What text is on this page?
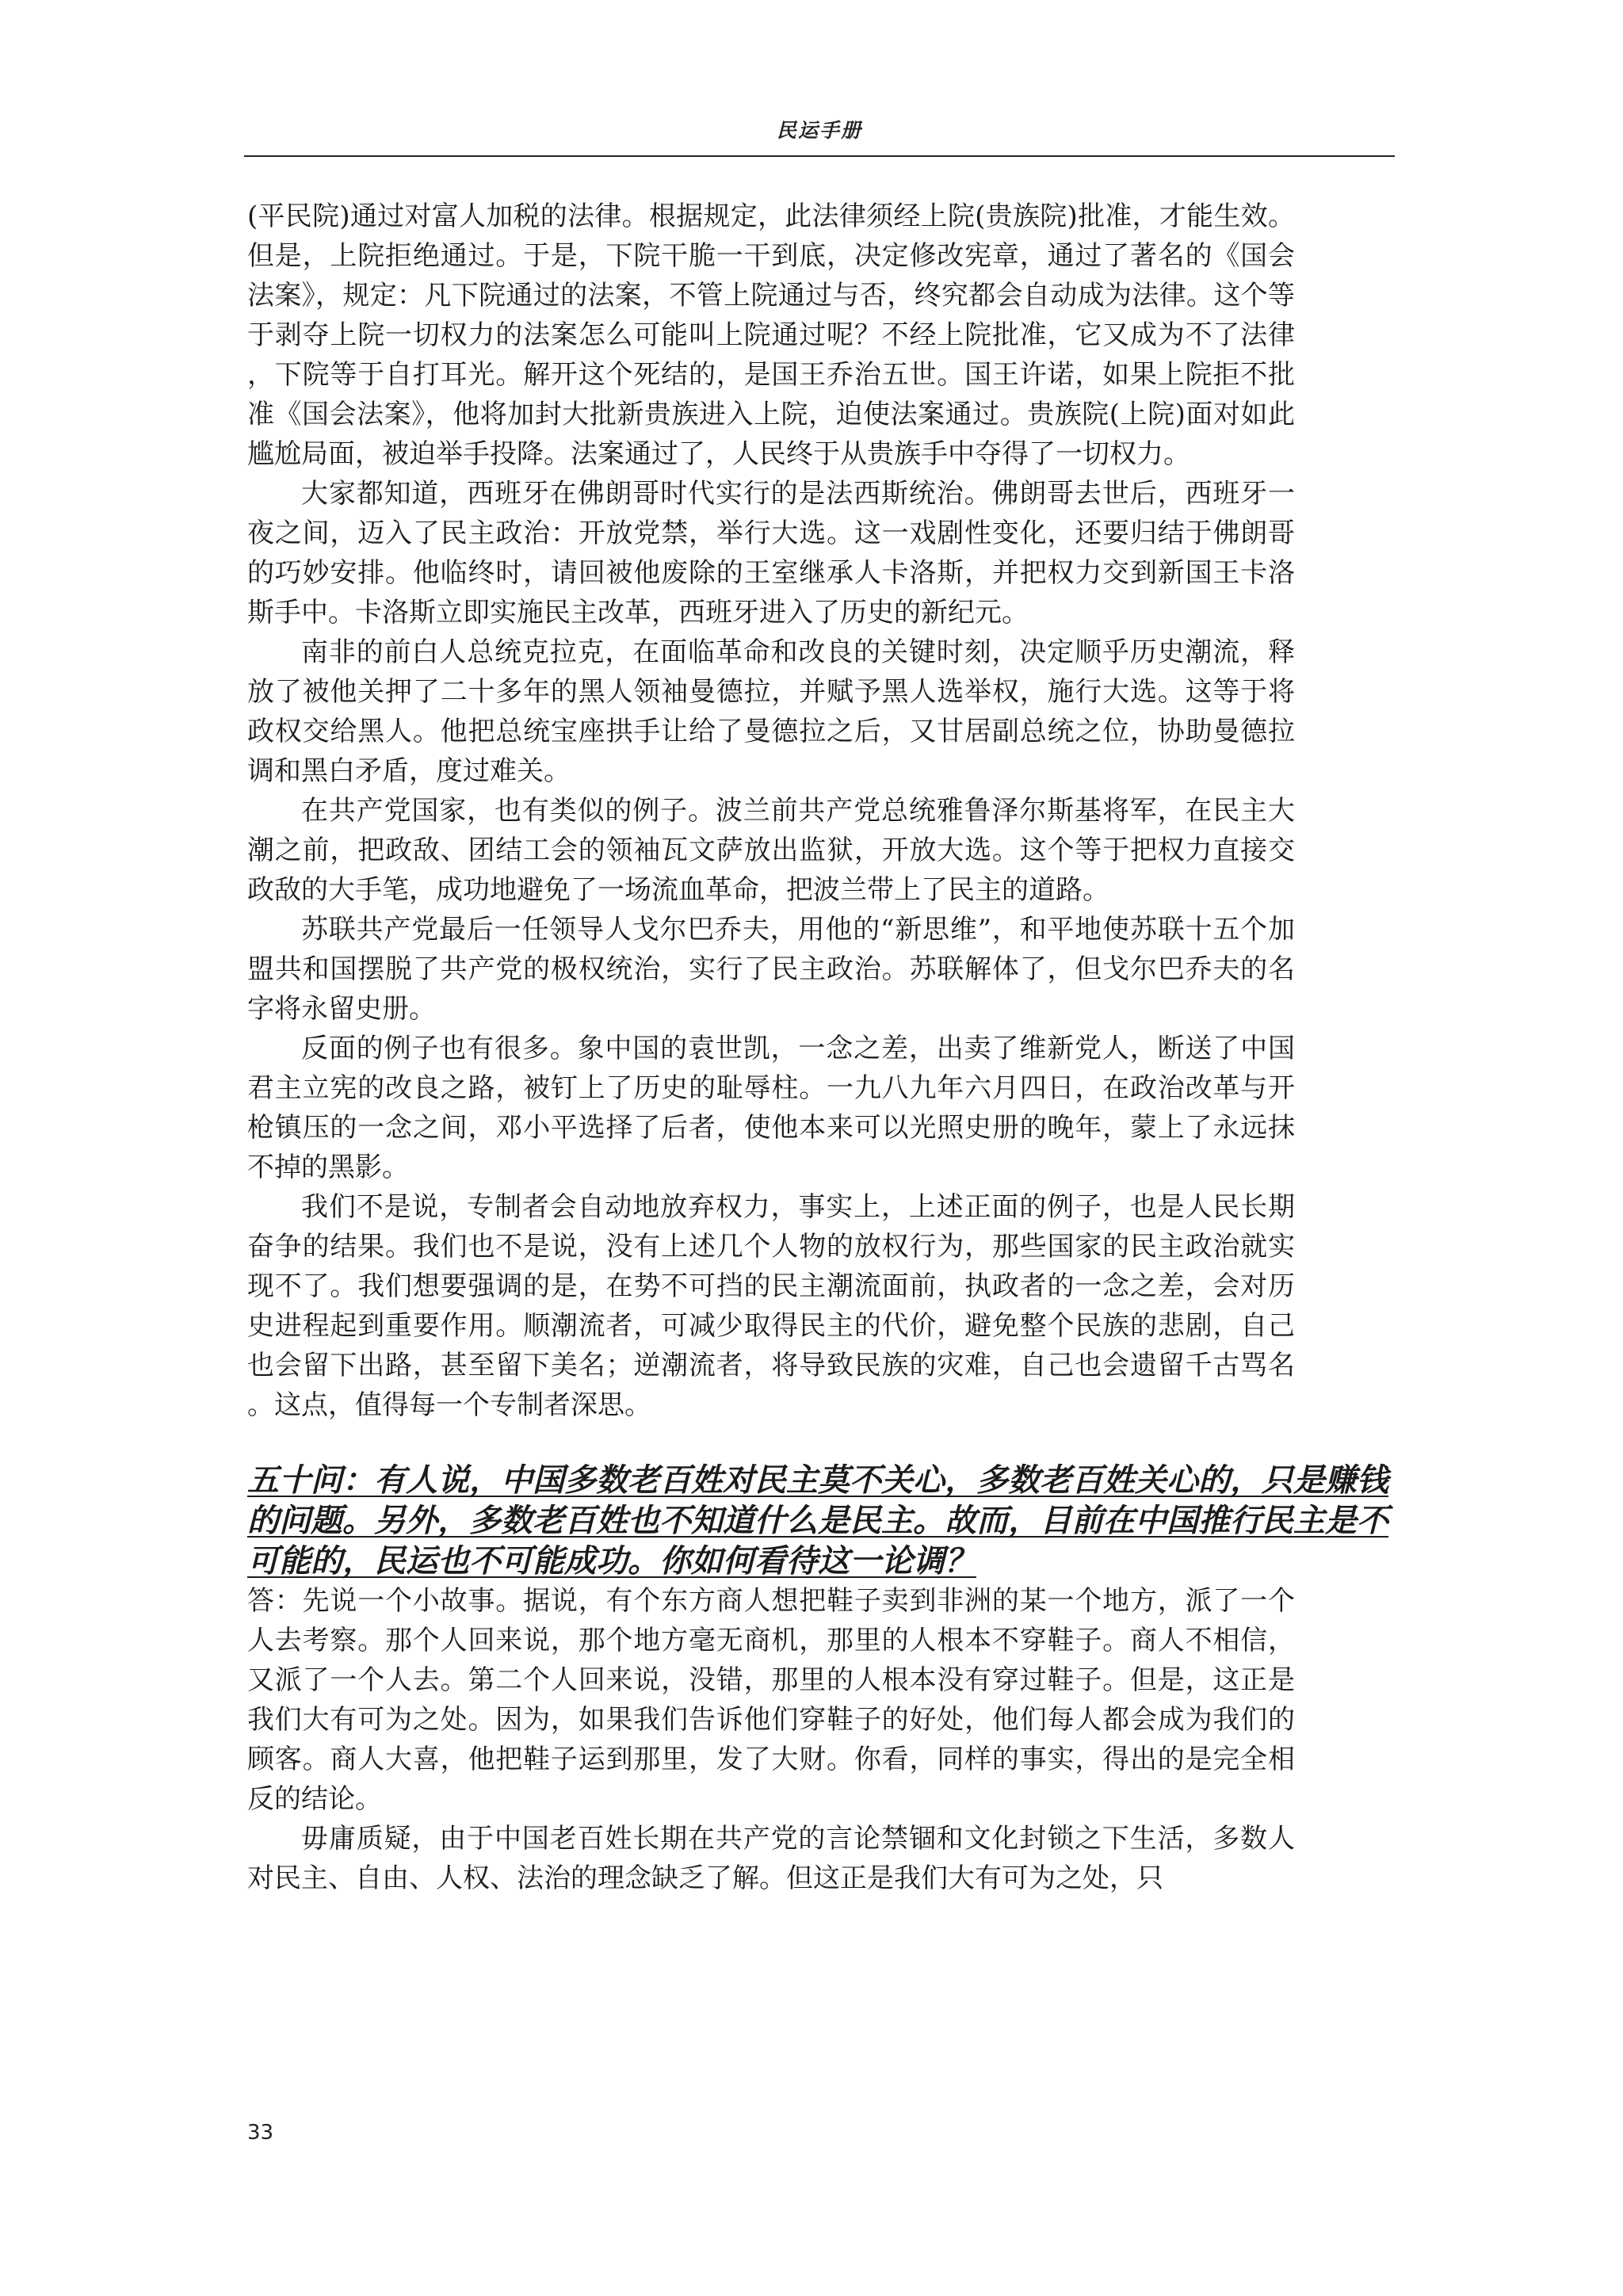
民运手册

(平民院)通过对富人加税的法律。根据规定，此法律须经上院(贵族院)批准，才能生效。但是，上院拒绝通过。于是，下院干脆一干到底，决定修改宪章，通过了著名的《国会法案》，规定：凡下院通过的法案，不管上院通过与否，终究都会自动成为法律。这个等于剥夺上院一切权力的法案怎么可能叫上院通过呢？不经上院批准，它又成为不了法律，下院等于自打耳光。解开这个死结的，是国王乔治五世。国王许诺，如果上院拒不批准《国会法案》，他将加封大批新贵族进入上院，迫使法案通过。贵族院(上院)面对如此尴尬局面，被迫举手投降。法案通过了，人民终于从贵族手中夺得了一切权力。

大家都知道，西班牙在佛朗哥时代实行的是法西斯统治。佛朗哥去世后，西班牙一夜之间，迈入了民主政治：开放党禁，举行大选。这一戏剧性变化，还要归结于佛朗哥的巧妙安排。他临终时，请回被他废除的王室继承人卡洛斯，并把权力交到新国王卡洛斯手中。卡洛斯立即实施民主改革，西班牙进入了历史的新纪元。

南非的前白人总统克拉克，在面临革命和改良的关键时刻，决定顺乎历史潮流，释放了被他关押了二十多年的黑人领袖曼德拉，并赋予黑人选举权，施行大选。这等于将政权交给黑人。他把总统宝座拱手让给了曼德拉之后，又甘居副总统之位，协助曼德拉调和黑白矛盾，度过难关。

在共产党国家，也有类似的例子。波兰前共产党总统雅鲁泽尔斯基将军，在民主大潮之前，把政敌、团结工会的领袖瓦文萨放出监狱，开放大选。这个等于把权力直接交政敌的大手笔，成功地避免了一场流血革命，把波兰带上了民主的道路。

苏联共产党最后一任领导人戈尔巴乔夫，用他的“新思维”，和平地使苏联十五个加盟共和国摆脱了共产党的极权统治，实行了民主政治。苏联解体了，但戈尔巴乔夫的名字将永留史册。

反面的例子也有很多。象中国的袁世凯，一念之差，出卖了维新党人，断送了中国君主立宪的改良之路，被钉上了历史的耻辱柱。一九八九年六月四日，在政治改革与开枪镇压的一念之间，邓小平选择了后者，使他本来可以光照史册的晚年，蒙上了永远抹不掉的黑影。

我们不是说，专制者会自动地放弃权力，事实上，上述正面的例子，也是人民长期奋争的结果。我们也不是说，没有上述几个人物的放权行为，那些国家的民主政治就实现不了。我们想要强调的是，在势不可挡的民主潮流面前，执政者的一念之差，会对历史进程起到重要作用。顺潮流者，可减少取得民主的代价，避免整个民族的悲剧，自己也会留下出路，甚至留下美名；逆潮流者，将导致民族的灾难，自己也会遗留千古骂名。这点，值得每一个专制者深思。

五十问：有人说，中国多数老百姓对民主莫不关心，多数老百姓关心的，只是赚钱的问题。另外，多数老百姓也不知道什么是民主。故而，目前在中国推行民主是不可能的，民运也不可能成功。你如何看待这一论调？

答：先说一个小故事。据说，有个东方商人想把鞋子卖到非洲的某一个地方，派了一个人去考察。那个人回来说，那个地方毫无商机，那里的人根本不穿鞋子。商人不相信，又派了一个人去。第二个人回来说，没错，那里的人根本没有穿过鞋子。但是，这正是我们大有可为之处。因为，如果我们告诉他们穿鞋子的好处，他们每人都会成为我们的顾客。商人大喜，他把鞋子运到那里，发了大财。你看，同样的事实，得出的是完全相反的结论。

毋庸质疑，由于中国老百姓长期在共产党的言论禁锢和文化封锁之下生活，多数人对民主、自由、人权、法治的理念缺乏了解。但这正是我们大有可为之处，只

33
